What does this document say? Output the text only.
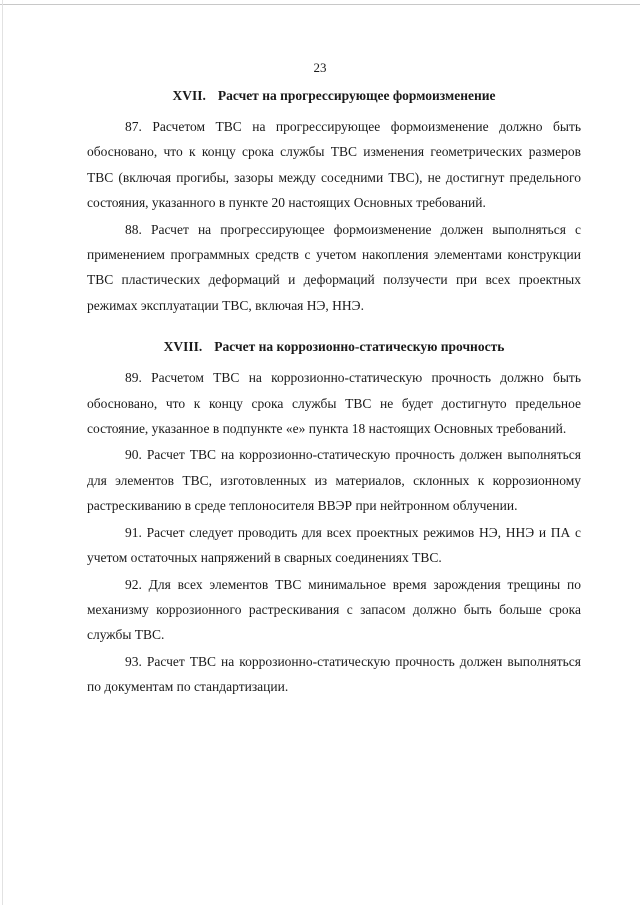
23
XVII. Расчет на прогрессирующее формоизменение

87. Расчетом ТВС на прогрессирующее формоизменение должно быть обосновано, что к концу срока службы ТВС изменения геометрических размеров ТВС (включая прогибы, зазоры между соседними ТВС), не достигнут предельного состояния, указанного в пункте 20 настоящих Основных требований.

88. Расчет на прогрессирующее формоизменение должен выполняться с применением программных средств с учетом накопления элементами конструкции ТВС пластических деформаций и деформаций ползучести при всех проектных режимах эксплуатации ТВС, включая НЭ, ННЭ.

XVIII. Расчет на коррозионно-статическую прочность

89. Расчетом ТВС на коррозионно-статическую прочность должно быть обосновано, что к концу срока службы ТВС не будет достигнуто предельное состояние, указанное в подпункте «е» пункта 18 настоящих Основных требований.

90. Расчет ТВС на коррозионно-статическую прочность должен выполняться для элементов ТВС, изготовленных из материалов, склонных к коррозионному растрескиванию в среде теплоносителя ВВЭР при нейтронном облучении.

91. Расчет следует проводить для всех проектных режимов НЭ, ННЭ и ПА с учетом остаточных напряжений в сварных соединениях ТВС.

92. Для всех элементов ТВС минимальное время зарождения трещины по механизму коррозионного растрескивания с запасом должно быть больше срока службы ТВС.

93. Расчет ТВС на коррозионно-статическую прочность должен выполняться по документам по стандартизации.
